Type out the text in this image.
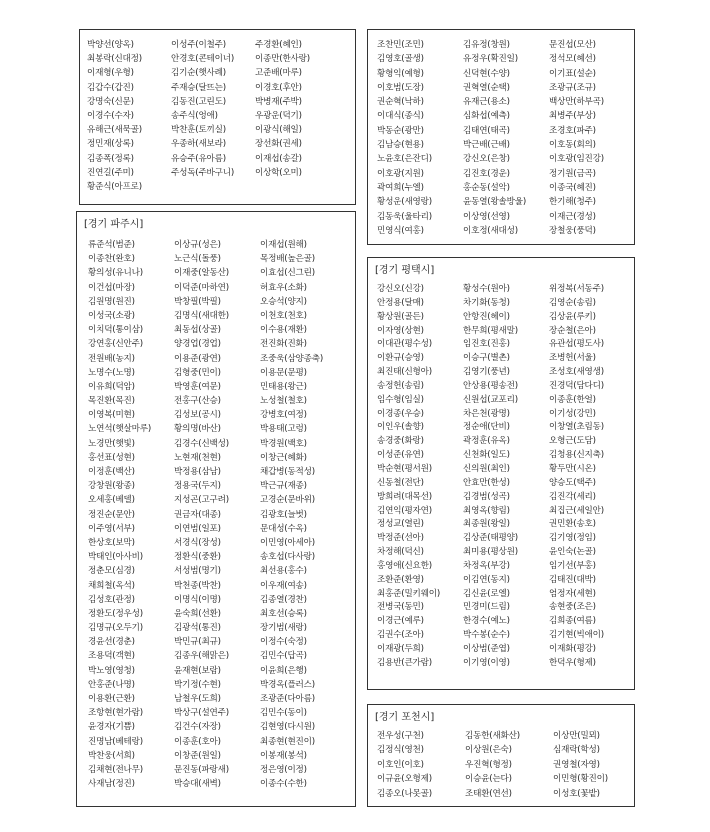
박양선(양옥)
최봉락(신대정)
이재형(우형)
김갑수(갑진)
강명숙(신문)
이경수(수자)
유해근(새묵골)
정민재(상록)
김종폭(정록)
진연길(주미)
황준식(아프로)
이성주(이철주)
안경호(콘테이너)
김기순(햇사례)
주재승(달뜨는)
김동진(고린도)
송주식(엉애)
박찬훈(토끼실)
우종하(새보라)
유승주(유아름)
주성독(주바구니)
주경환(혜인)
이종만(한사랑)
고준배(마루)
이경호(후안)
박병재(주박)
우광운(덕기)
이광식(해일)
장선화(권세)
이재섭(송갈)
이상학(오미)
[경기 파주시]
류준석(범준)
이종찬(완호)
황의성(유니나)
이건섭(마장)
김원명(원진)
이성국(소광)
이치덕(통이삼)
강연홍(신안주)
전원배(농지)
노명수(노명)
이유희(덕암)
목진환(목진)
이영복(미현)
노연석(햇살마루)
노경만(햇빛)
홍선표(성현)
이정훈(백산)
강창원(왕종)
오세홍(베델)
정진순(문안)
이주영(서부)
한상호(보막)
박태인(아사비)
정춘모(심경)
채희철(옥석)
김성호(관정)
정환도(정우성)
김명규(오두기)
경윤선(경춘)
조용덕(객현)
박노영(영청)
안홍준(나명)
이용환(근환)
조항현(현가람)
윤경자(기쁨)
진명남(베테랑)
박찬웅(서희)
김채현(전나무)
사재남(정진)
이상규(성은)
노근식(돌풍)
이재중(알동산)
이덕준(마하연)
박창필(박필)
김명식(새대한)
최동섭(상골)
양경업(경업)
이용준(광연)
김형중(민이)
박영훈(여문)
전홍구(산승)
김성보(공시)
황의명(바산)
김경수(신백성)
노현재(천현)
박정용(삼남)
정용국(두지)
지성곤(고구려)
권금자(대종)
이연범(일포)
서경식(장성)
정환식(중환)
서성범(명기)
박천종(박찬)
이명식(이명)
윤숙희(선환)
김광석(통진)
박민규(최규)
김종우(해맑은)
윤재현(보람)
박기정(수현)
남철우(도희)
박상구(설연주)
김건수(자장)
이종훈(호아)
이창준(원일)
문진동(파랑새)
박승대(새벽)
이재섭(원해)
목정배(높은골)
이효섭(신그린)
허효우(소화)
오승석(양지)
이천호(천호)
이수용(재환)
전진화(진화)
조중욱(삼양종축)
이용문(문평)
민태용(왕근)
노성철(철호)
강병호(여정)
박용태(고렁)
박경원(백호)
이창근(혜화)
채갑병(동적성)
박근규(재종)
고경순(문바위)
김광호(늘벗)
문대성(수옥)
이민영(아세아)
송호섭(다사랑)
최선용(홍수)
이우재(여송)
김종열(경찬)
최호선(승록)
장기범(새랑)
이정수(숙정)
김민수(답곡)
이윤희(은행)
박경옥(플러스)
조광준(다아름)
김민수(동이)
김현영(다시원)
최종현(현진이)
이봉재(봉석)
정은영(이정)
이종수(수한)
조찬민(조민)
김영호(골생)
황형익(예형)
이호범(도장)
권순혁(낙하)
이대식(종식)
박동순(광만)
김남승(현용)
노윤호(은잔디)
이호광(지원)
곽여희(누엘)
황성운(새영랑)
김동욱(울타리)
민영식(여홍)
김유정(창원)
유정우(확진일)
신덕현(수양)
권혁열(순택)
유재근(용소)
심화섭(예측)
김태연(태곡)
박근배(근배)
강신오(은창)
김진호(경운)
홍순동(설악)
윤동열(왕솔방울)
이상영(선영)
이호정(새대성)
문진섭(모산)
정석모(혜선)
이기표(설순)
조광규(조규)
백상만(하부곡)
최병주(부상)
조경호(파주)
이호동(회의)
이호광(임진강)
정기원(금곡)
이종국(혜진)
한기해(청주)
이재근(경성)
장철웅(풍덕)
[경기 평택시]
강신오(신강)
안정용(달매)
황상원(골든)
이자영(상현)
이대관(평수성)
이환규(승영)
최진태(신형아)
송정헌(송림)
임수형(임실)
이경종(우승)
이인우(솔향)
송경중(화랑)
이성준(유연)
박순현(평서원)
신동철(전단)
방희려(대목선)
김연익(평자연)
정성교(열린)
박정준(선아)
차정해(덕신)
홍영애(신요한)
조환준(환영)
최홍준(밀키웨이)
전병국(동민)
이경근(예루)
김권수(조아)
이재광(두희)
김용반(큰가람)
황성수(원아)
차기화(동청)
안항진(헤이)
한무희(평새말)
임진호(진홍)
이승구(별촌)
김영기(풍년)
안상용(평송전)
신원섭(교포리)
차은천(광명)
정순애(단비)
곽정훈(유옥)
신천화(일도)
신의원(최인)
안효만(한성)
김경범(성곡)
최영옥(향림)
최종원(왕일)
김상준(태평양)
최미용(평상원)
차정옥(부강)
이김연(동지)
김신윤(로엘)
민경미(드림)
한경수(예노)
박수봉(순수)
이상범(준엽)
이기영(이영)
위정복(서동주)
김영순(송림)
김상윤(루키)
장순철(은아)
유관섭(평도사)
조병헌(서울)
조성호(새영생)
진경덕(담다디)
이종훈(한얼)
이기성(강민)
이창열(초림동)
오형근(도담)
김청용(신지축)
황두만(시온)
양승도(택주)
김진각(세리)
최집근(세일안)
권민환(송호)
김기영(정임)
윤인숙(논골)
임기선(부홍)
김태진(대박)
엄정자(세현)
송현중(조은)
김희종(여름)
김기현(빅애이)
이재화(평강)
한덕우(형제)
[경기 포천시]
전우성(구천)
김정식(영천)
이호인(이호)
이규윤(오형제)
김종오(나못골)
김동한(새화산)
이상원(은숙)
우진혁(형정)
이승윤(는다)
조태환(연선)
이상만(밀뫼)
심재락(학성)
권영철(자영)
이민형(황진이)
이성호(꽃밭)
